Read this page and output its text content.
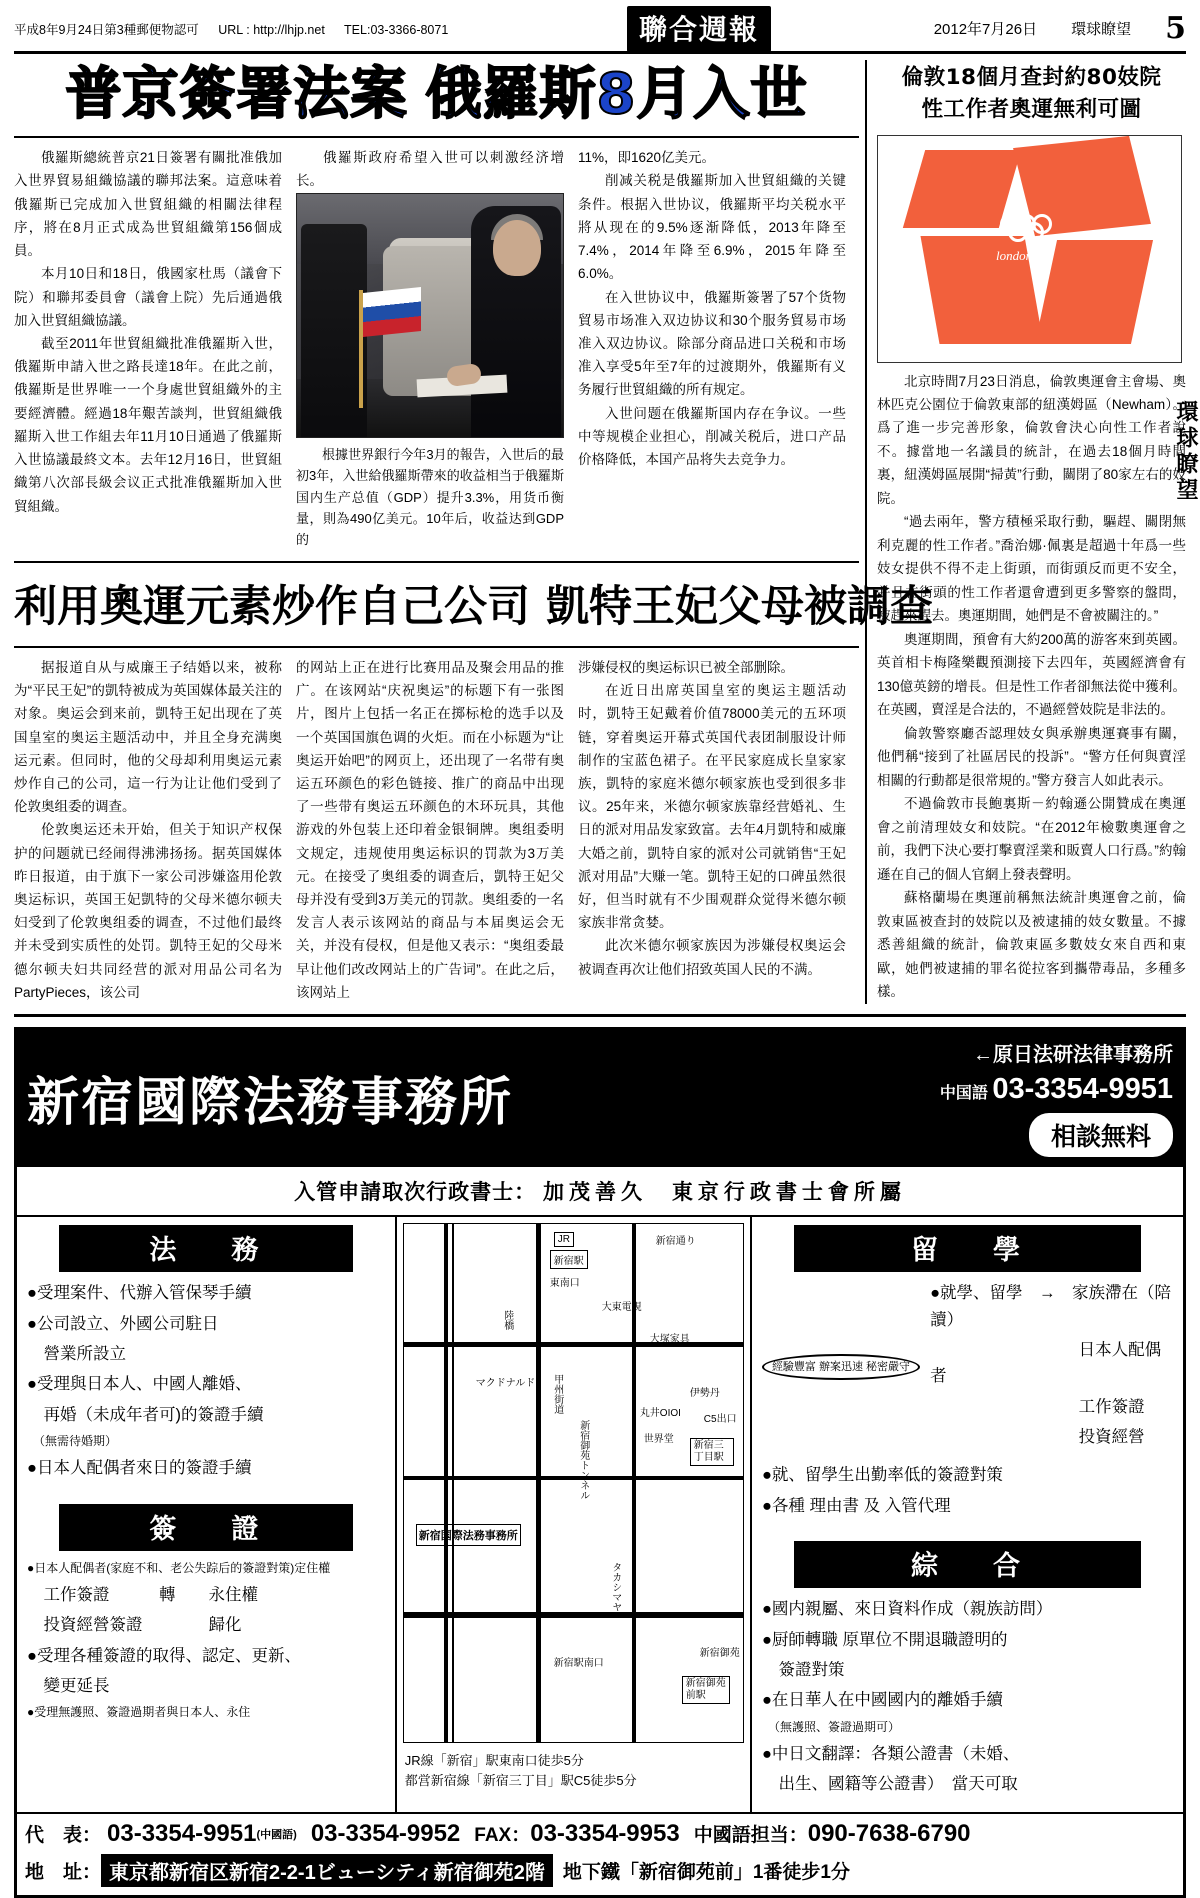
平成8年9月24日第3種郵便物認可 URL : http://lhjp.net TEL:03-3366-8071	聯合週報	2012年7月26日 環球瞭望 5
普京簽署法案 俄羅斯8月入世

俄羅斯總統普京21日簽署有關批准俄加入世界貿易組織協議的聯邦法案。這意味着俄羅斯已完成加入世貿組織的相關法律程序，將在8月正式成為世貿組織第156個成員。

本月10日和18日，俄國家杜馬（議會下院）和聯邦委員會（議會上院）先后通過俄加入世貿組織協議。

截至2011年世貿組織批准俄羅斯入世，俄羅斯申請入世之路長達18年。在此之前，俄羅斯是世界唯一一个身處世貿組織外的主要經濟體。經過18年艱苦談判，世貿組織俄羅斯入世工作組去年11月10日通過了俄羅斯入世協議最終文本。去年12月16日，世貿組織第八次部長級会议正式批准俄羅斯加入世貿組織。

俄羅斯政府希望入世可以刺激经济增长。

根據世界銀行今年3月的報告，入世后的最初3年，入世給俄羅斯帶來的收益相当于俄羅斯国内生产总值（GDP）提升3.3%，用货币衡量，則為490亿美元。10年后，收益达到GDP的

11%，即1620亿美元。

削减关税是俄羅斯加入世貿組織的关键条件。根据入世协议，俄羅斯平均关税水平將从现在的9.5%逐渐降低，2013年降至7.4%，2014年降至6.9%，2015年降至6.0%。

在入世协议中，俄羅斯簽署了57个货物貿易市场准入双边协议和30个服务貿易市场准入双边协议。除部分商品进口关税和市场准入享受5年至7年的过渡期外，俄羅斯有义务履行世貿組織的所有规定。

入世问题在俄羅斯国内存在争议。一些中等规模企业担心，削减关税后，进口产品价格降低，本国产品将失去竞争力。

利用奧運元素炒作自己公司 凱特王妃父母被調查

据报道自从与威廉王子结婚以来，被称为“平民王妃”的凱特被成为英国媒体最关注的对象。奥运会到来前，凱特王妃出现在了英国皇室的奥运主题活动中，并且全身充满奥运元素。但同时，他的父母却利用奥运元素炒作自己的公司，這一行为让让他们受到了伦敦奥组委的调查。

伦敦奥运还未开始，但关于知识产权保护的问题就已经闹得沸沸扬扬。据英国媒体昨日报道，由于旗下一家公司涉嫌盗用伦敦奥运标识，英国王妃凱特的父母米德尔顿夫妇受到了伦敦奥组委的调查，不过他们最终并未受到实质性的处罚。凱特王妃的父母米德尔顿夫妇共同经营的派对用品公司名为PartyPieces，该公司

的网站上正在进行比赛用品及聚会用品的推广。在该网站“庆祝奥运”的标题下有一张图片，图片上包括一名正在掷标枪的选手以及一个英国国旗色调的火炬。而在小标题为“让奥运开始吧”的网页上，还出现了一名带有奥运五环颜色的彩色链接、推广的商品中出现了一些带有奥运五环颜色的木环玩具，其他游戏的外包装上还印着金银铜牌。奥组委明文规定，违规使用奥运标识的罚款为3万美元。在接受了奥组委的调查后，凱特王妃父母并没有受到3万美元的罚款。奥组委的一名发言人表示该网站的商品与本届奥运会无关，并没有侵权，但是他又表示：“奥组委最早让他们改改网站上的广告词”。在此之后，该网站上

涉嫌侵权的奥运标识已被全部删除。

在近日出席英国皇室的奥运主题活动时，凱特王妃戴着价值78000美元的五环项链，穿着奥运开幕式英国代表团制服设计师制作的宝蓝色裙子。在平民家庭成长皇家家族，凱特的家庭米德尔顿家族也受到很多非议。25年来，米德尔顿家族靠经营婚礼、生日的派对用品发家致富。去年4月凱特和威廉大婚之前，凱特自家的派对公司就销售“王妃派对用品”大赚一笔。凱特王妃的口碑虽然很好，但当时就有不少围观群众觉得米德尔顿家族非常贪婪。

此次米德尔顿家族因为涉嫌侵权奥运会被调查再次让他们招致英国人民的不满。

倫敦18個月查封約80妓院
性工作者奧運無利可圖
london

北京時間7月23日消息，倫敦奧運會主會場、奧林匹克公園位于倫敦東部的紐漢姆區（Newham）。爲了進一步完善形象，倫敦會決心向性工作者說不。據當地一名議員的統計，在過去18個月時間裏，紐漢姆區展開“掃黃”行動，關閉了80家左右的妓院。

“過去兩年，警方積極采取行動，驅趕、關閉無利克麗的性工作者。”喬治娜·佩裏是超過十年爲一些妓女提供不得不走上街頭，而街頭反而更不安全，并且在街頭的性工作者還會遭到更多警察的盤問，被趕來趕去。奧運期間，她們是不會被關注的。”

奧運期間，預會有大約200萬的游客來到英國。英首相卡梅隆樂觀預測接下去四年，英國經濟會有130億英鎊的增長。但是性工作者卻無法從中獲利。在英國，賣淫是合法的，不過經營妓院是非法的。

倫敦警察廳否認理妓女與承辦奧運賽事有關，他們稱“接到了社區居民的投訴”。“警方任何與賣淫相關的行動都是很常規的。”警方發言人如此表示。

不過倫敦市長鮑裏斯－約翰遜公開贊成在奧運會之前清理妓女和妓院。“在2012年檢數奧運會之前，我們下決心要打擊賣淫業和販賣人口行爲。”約翰遜在自己的個人官網上發表聲明。

蘇格蘭場在奧運前稱無法統計奧運會之前，倫敦東區被查封的妓院以及被逮捕的妓女數量。不據悉善組織的統計，倫敦東區多數妓女來自西和東歐，她們被逮捕的罪名從拉客到攜帶毒品，多種多樣。

環球瞭望
新宿國際法務事務所
←原日法研法律事務所
中国語 03-3354-9951
相談無料
入管申請取次行政書士： 加茂善久 東京行政書士會所屬
法　務
●受理案件、代辦入管保琴手續
●公司設立、外國公司駐日
　營業所設立
●受理與日本人、中國人離婚、
　再婚（未成年者可)的簽證手續
　（無需待婚期）
●日本人配偶者來日的簽證手續
簽　證
●日本人配偶者(家庭不和、老公失踪后的簽證對策)定住權
　工作簽證　　　轉　　永住權
　投資經營簽證　　　　歸化
●受理各種簽證的取得、認定、更新、
　變更延長
●受理無護照、簽證過期者與日本人、永住
JR
新宿駅
東南口
新宿通り
大東電視
大塚家具
丸井OIOI
世界堂
伊勢丹
新宿御苑トンネル	新宿三丁目駅
C5出口
新宿御苑
新宿御苑前駅
甲州街道
陸橋
マクドナルド
新宿国際法務事務所
タカシマヤ
新宿駅南口
JR線「新宿」駅東南口徒歩5分
都営新宿線「新宿三丁目」駅C5徒歩5分
留　學
經驗豐富 辦案迅速 秘密嚴守
●就學、留學　→　家族滯在（陪讀）
　　　　　　　　　日本人配偶者
　　　　　　　　　工作簽證
　　　　　　　　　投資經營
●就、留學生出勤率低的簽證對策
●各種 理由書 及 入管代理
綜　合
●國内親屬、來日資料作成（親族訪問）
●厨師轉職 原單位不開退職證明的
　簽證對策
●在日華人在中國國内的離婚手續
　（無護照、簽證過期可）
●中日文翻譯：各類公證書（未婚、
　出生、國籍等公證書）　當天可取
代　表： 03-3354-9951 (中國語) 03-3354-9952 FAX： 03-3354-9953 中國語担当： 090-7638-6790
地　址： 東京都新宿区新宿2-2-1ビューシティ新宿御苑2階 地下鐵「新宿御苑前」1番徒步1分
